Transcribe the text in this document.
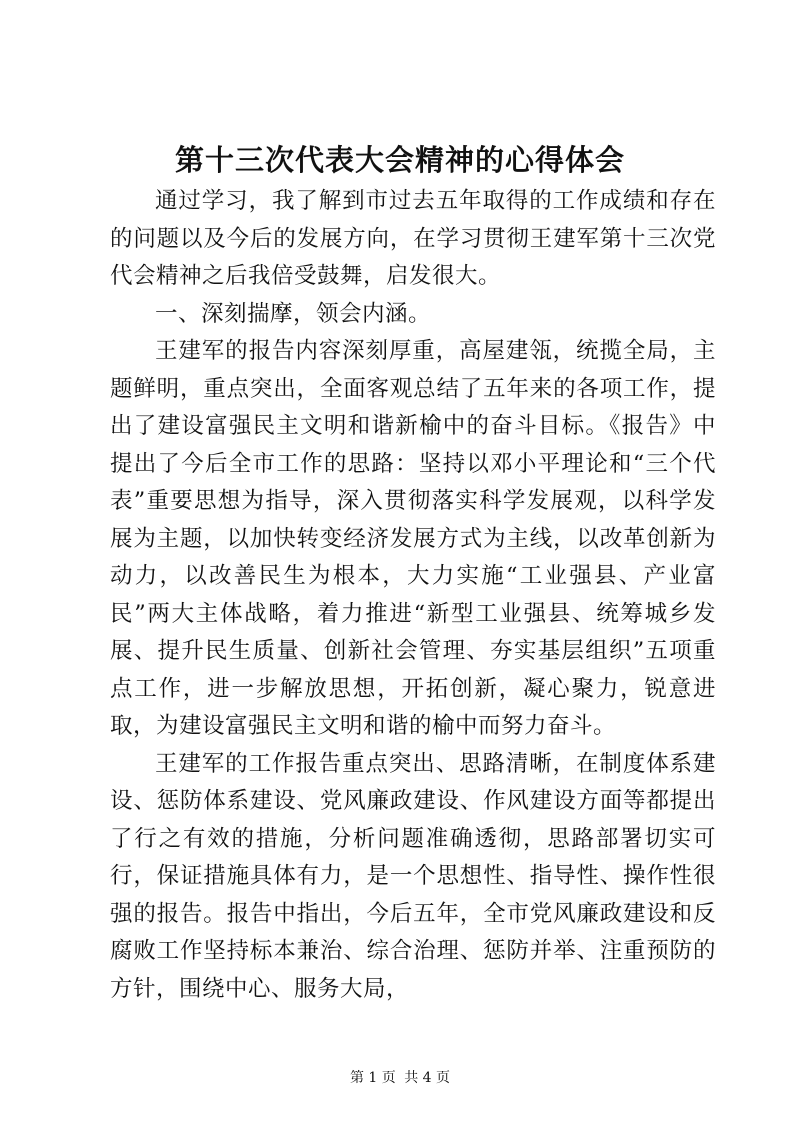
第十三次代表大会精神的心得体会

通过学习，我了解到市过去五年取得的工作成绩和存在的问题以及今后的发展方向，在学习贯彻王建军第十三次党代会精神之后我倍受鼓舞，启发很大。

一、深刻揣摩，领会内涵。

王建军的报告内容深刻厚重，高屋建瓴，统揽全局，主题鲜明，重点突出，全面客观总结了五年来的各项工作，提出了建设富强民主文明和谐新榆中的奋斗目标。《报告》中提出了今后全市工作的思路：坚持以邓小平理论和“三个代表”重要思想为指导，深入贯彻落实科学发展观，以科学发展为主题，以加快转变经济发展方式为主线，以改革创新为动力，以改善民生为根本，大力实施“工业强县、产业富民”两大主体战略，着力推进“新型工业强县、统筹城乡发展、提升民生质量、创新社会管理、夯实基层组织”五项重点工作，进一步解放思想，开拓创新，凝心聚力，锐意进取，为建设富强民主文明和谐的榆中而努力奋斗。

王建军的工作报告重点突出、思路清晰，在制度体系建设、惩防体系建设、党风廉政建设、作风建设方面等都提出了行之有效的措施，分析问题准确透彻，思路部署切实可行，保证措施具体有力，是一个思想性、指导性、操作性很强的报告。报告中指出，今后五年，全市党风廉政建设和反腐败工作坚持标本兼治、综合治理、惩防并举、注重预防的方针，围绕中心、服务大局，

第 1 页 共 4 页
